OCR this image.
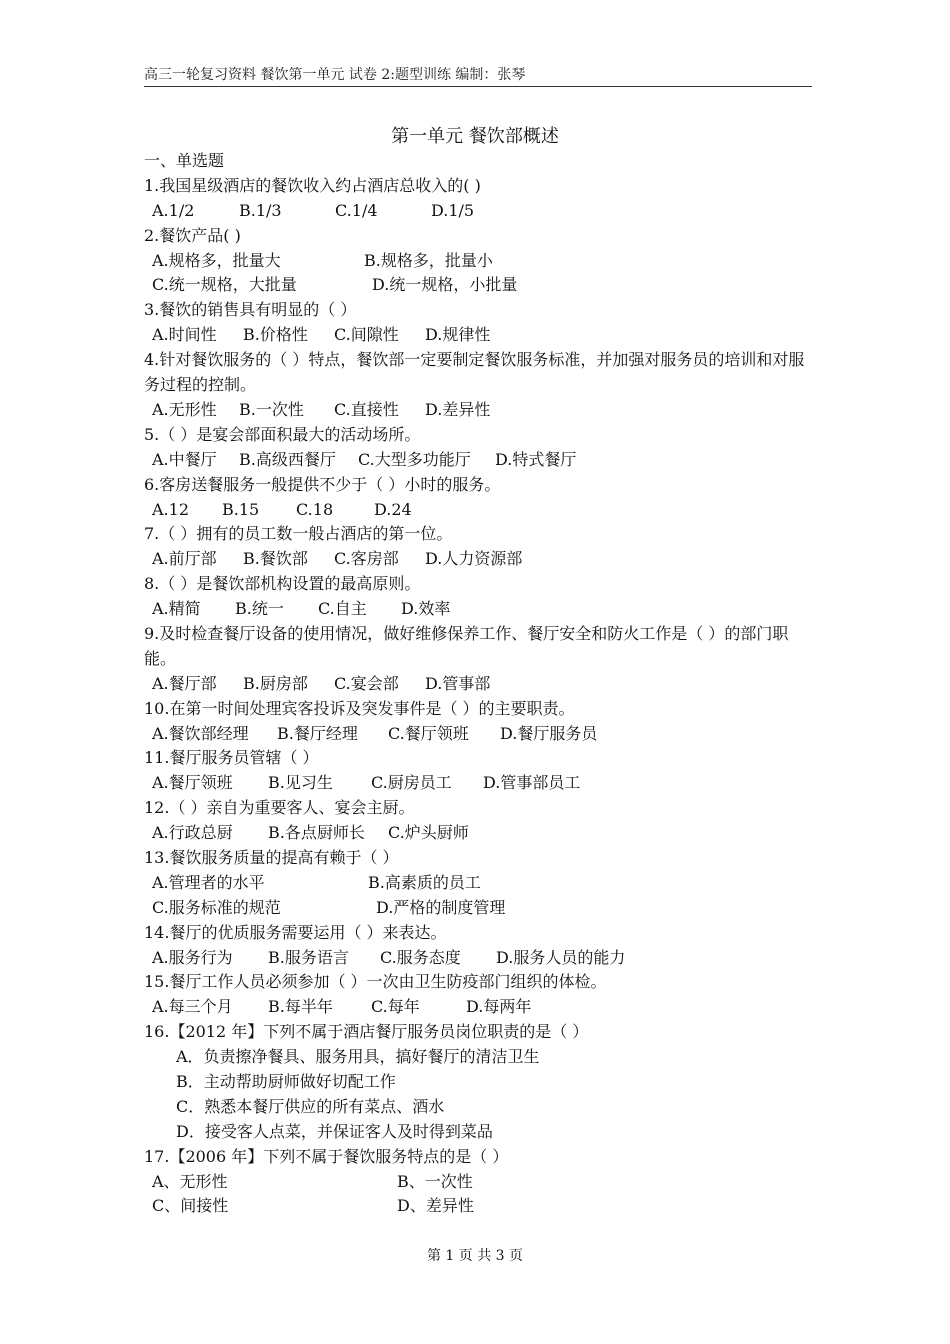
高三一轮复习资料 餐饮第一单元 试卷 2:题型训练 编制：张琴
第一单元 餐饮部概述
一、单选题
1.我国星级酒店的餐饮收入约占酒店总收入的( )
A.1/2	B.1/3	C.1/4	D.1/5
2.餐饮产品( )
A.规格多，批量大	B.规格多，批量小
C.统一规格，大批量	D.统一规格，小批量
3.餐饮的销售具有明显的（ ）
A.时间性 B.价格性 C.间隙性 D.规律性
4.针对餐饮服务的（ ）特点，餐饮部一定要制定餐饮服务标准，并加强对服务员的培训和对服务过程的控制。
A.无形性 B.一次性 C.直接性 D.差异性
5.（ ）是宴会部面积最大的活动场所。
A.中餐厅 B.高级西餐厅 C.大型多功能厅 D.特式餐厅
6.客房送餐服务一般提供不少于（ ）小时的服务。
A.12 B.15 C.18	D.24
7.（ ）拥有的员工数一般占酒店的第一位。
A.前厅部 B.餐饮部 C.客房部 D.人力资源部
8.（ ）是餐饮部机构设置的最高原则。
A.精简 B.统一 C.自主 D.效率
9.及时检查餐厅设备的使用情况，做好维修保养工作、餐厅安全和防火工作是（ ）的部门职能。
A.餐厅部 B.厨房部 C.宴会部 D.管事部
10.在第一时间处理宾客投诉及突发事件是（ ）的主要职责。
A.餐饮部经理 B.餐厅经理 C.餐厅领班 D.餐厅服务员
11.餐厅服务员管辖（ ）
A.餐厅领班 B.见习生 C.厨房员工 D.管事部员工
12.（ ）亲自为重要客人、宴会主厨。
A.行政总厨 B.各点厨师长 C.炉头厨师
13.餐饮服务质量的提高有赖于（ ）
A.管理者的水平	B.高素质的员工
C.服务标准的规范	D.严格的制度管理
14.餐厅的优质服务需要运用（ ）来表达。
A.服务行为 B.服务语言 C.服务态度 D.服务人员的能力
15.餐厅工作人员必须参加（ ）一次由卫生防疫部门组织的体检。
A.每三个月 B.每半年 C.每年	D.每两年
16.【2012 年】下列不属于酒店餐厅服务员岗位职责的是（ ）
A．负责擦净餐具、服务用具，搞好餐厅的清洁卫生
B．主动帮助厨师做好切配工作
C．熟悉本餐厅供应的所有菜点、酒水
D．接受客人点菜，并保证客人及时得到菜品
17.【2006 年】下列不属于餐饮服务特点的是（ ）
A、无形性	B、一次性
C、间接性	D、差异性
第 1 页 共 3 页
